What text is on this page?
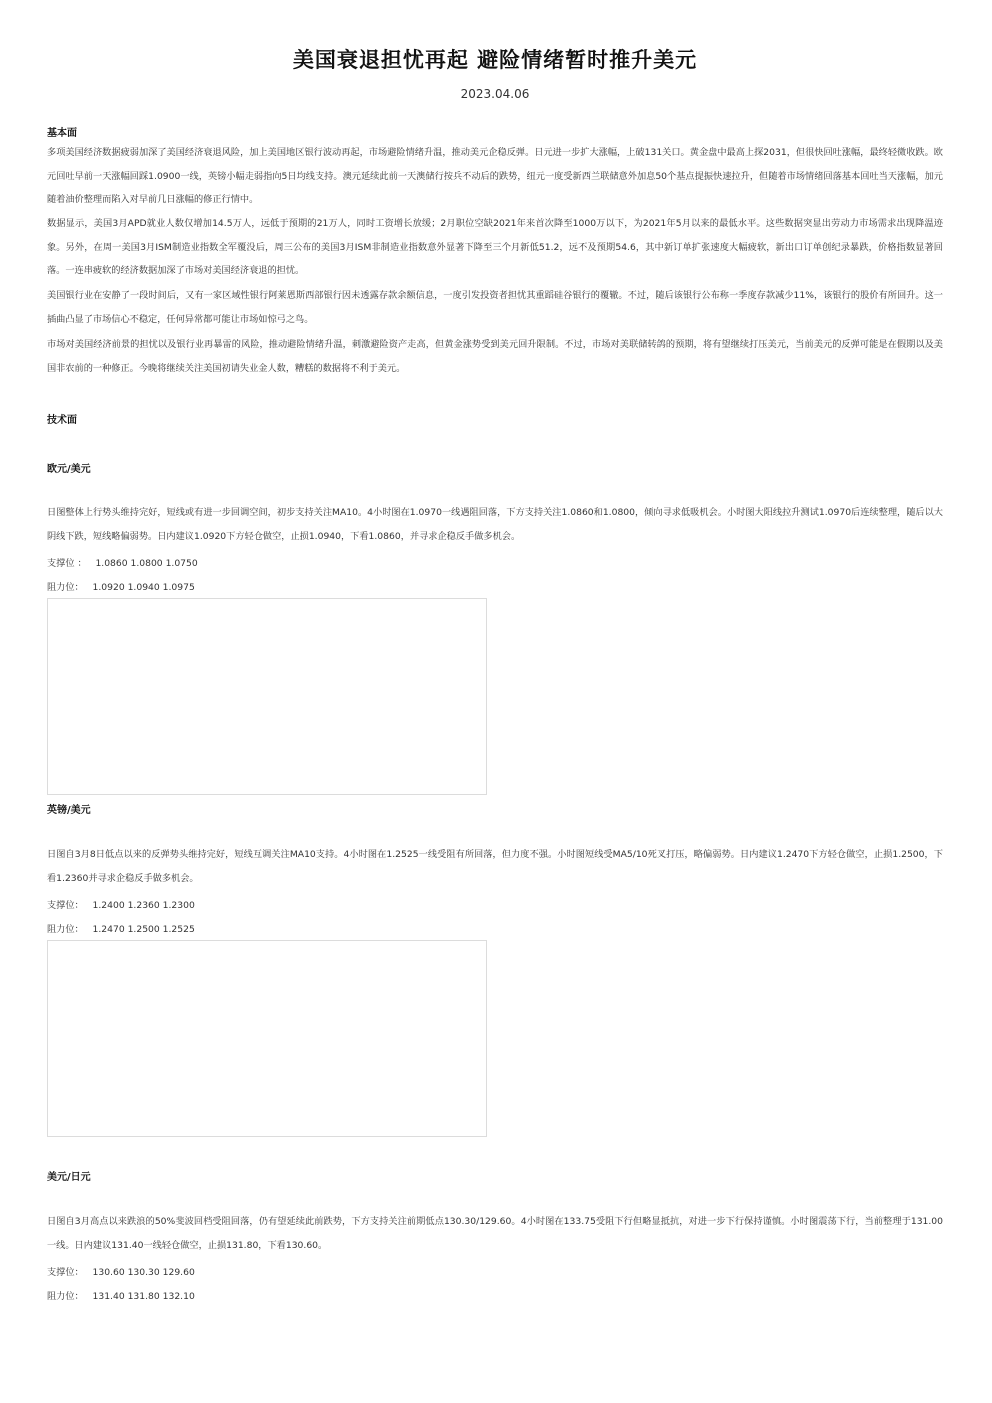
美国衰退担忧再起 避险情绪暂时推升美元
2023.04.06
基本面
多项美国经济数据疲弱加深了美国经济衰退风险，加上美国地区银行波动再起，市场避险情绪升温，推动美元企稳反弹。日元进一步扩大涨幅，上破131关口。黄金盘中最高上探2031，但很快回吐涨幅，最终轻微收跌。欧元回吐早前一天涨幅回踩1.0900一线，英镑小幅走弱指向5日均线支持。澳元延续此前一天澳储行按兵不动后的跌势，纽元一度受新西兰联储意外加息50个基点提振快速拉升，但随着市场情绪回落基本回吐当天涨幅，加元随着油价整理而陷入对早前几日涨幅的修正行情中。
数据显示，美国3月APD就业人数仅增加14.5万人，远低于预期的21万人，同时工资增长放缓；2月职位空缺2021年来首次降至1000万以下，为2021年5月以来的最低水平。这些数据突显出劳动力市场需求出现降温迹象。另外，在周一美国3月ISM制造业指数全军覆没后，周三公布的美国3月ISM非制造业指数意外显著下降至三个月新低51.2，远不及预期54.6，其中新订单扩张速度大幅疲软，新出口订单创纪录暴跌，价格指数显著回落。一连串疲软的经济数据加深了市场对美国经济衰退的担忧。
美国银行业在安静了一段时间后，又有一家区域性银行阿莱恩斯西部银行因未透露存款余额信息，一度引发投资者担忧其重蹈硅谷银行的覆辙。不过，随后该银行公布称一季度存款减少11%，该银行的股价有所回升。这一插曲凸显了市场信心不稳定，任何异常都可能让市场如惊弓之鸟。
市场对美国经济前景的担忧以及银行业再暴雷的风险，推动避险情绪升温，刺激避险资产走高，但黄金涨势受到美元回升限制。不过，市场对美联储转鸽的预期，将有望继续打压美元，当前美元的反弹可能是在假期以及美国非农前的一种修正。今晚将继续关注美国初请失业金人数，糟糕的数据将不利于美元。
技术面
欧元/美元
日图整体上行势头维持完好，短线或有进一步回调空间，初步支持关注MA10。4小时图在1.0970一线遇阻回落，下方支持关注1.0860和1.0800，倾向寻求低吸机会。小时图大阳线拉升测试1.0970后连续整理，随后以大阴线下跌，短线略偏弱势。日内建议1.0920下方轻仓做空，止损1.0940，下看1.0860，并寻求企稳反手做多机会。
支撑位 ： 1.0860 1.0800 1.0750
阻力位： 1.0920 1.0940 1.0975
英镑/美元
日图自3月8日低点以来的反弹势头维持完好，短线互调关注MA10支持。4小时图在1.2525一线受阻有所回落，但力度不强。小时图短线受MA5/10死叉打压，略偏弱势。日内建议1.2470下方轻仓做空，止损1.2500，下看1.2360并寻求企稳反手做多机会。
支撑位： 1.2400 1.2360 1.2300
阻力位： 1.2470 1.2500 1.2525
美元/日元
日图自3月高点以来跌浪的50%斐波回档受阻回落，仍有望延续此前跌势，下方支持关注前期低点130.30/129.60。4小时图在133.75受阻下行但略显抵抗，对进一步下行保持谨慎。小时图震荡下行，当前整理于131.00一线。日内建议131.40一线轻仓做空，止损131.80，下看130.60。
支撑位： 130.60 130.30 129.60
阻力位： 131.40 131.80 132.10
